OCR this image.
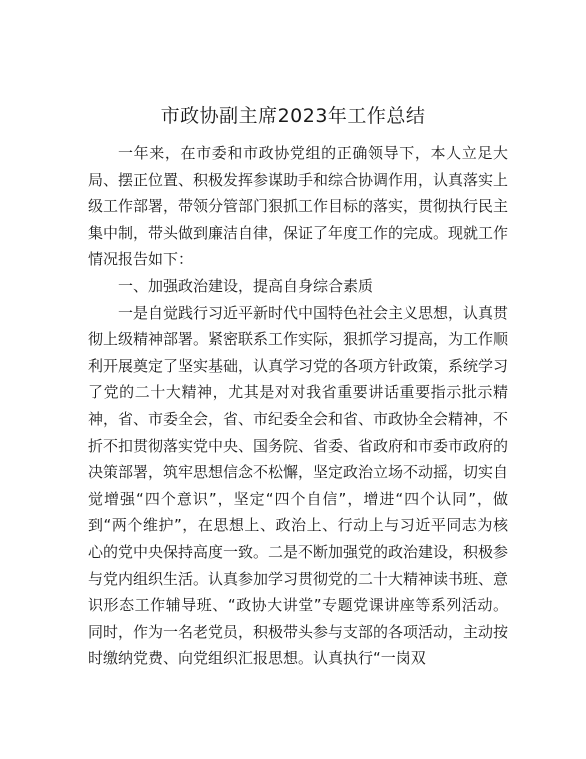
市政协副主席2023年工作总结

一年来，在市委和市政协党组的正确领导下，本人立足大局、摆正位置、积极发挥参谋助手和综合协调作用，认真落实上级工作部署，带领分管部门狠抓工作目标的落实，贯彻执行民主集中制，带头做到廉洁自律，保证了年度工作的完成。现就工作情况报告如下：

一、加强政治建设，提高自身综合素质

一是自觉践行习近平新时代中国特色社会主义思想，认真贯彻上级精神部署。紧密联系工作实际，狠抓学习提高，为工作顺利开展奠定了坚实基础，认真学习党的各项方针政策，系统学习了党的二十大精神，尤其是对对我省重要讲话重要指示批示精神，省、市委全会，省、市纪委全会和省、市政协全会精神，不折不扣贯彻落实党中央、国务院、省委、省政府和市委市政府的决策部署，筑牢思想信念不松懈，坚定政治立场不动摇，切实自觉增强“四个意识”，坚定“四个自信”，增进“四个认同”，做到“两个维护”，在思想上、政治上、行动上与习近平同志为核心的党中央保持高度一致。二是不断加强党的政治建设，积极参与党内组织生活。认真参加学习贯彻党的二十大精神读书班、意识形态工作辅导班、“政协大讲堂”专题党课讲座等系列活动。同时，作为一名老党员，积极带头参与支部的各项活动，主动按时缴纳党费、向党组织汇报思想。认真执行“一岗双
